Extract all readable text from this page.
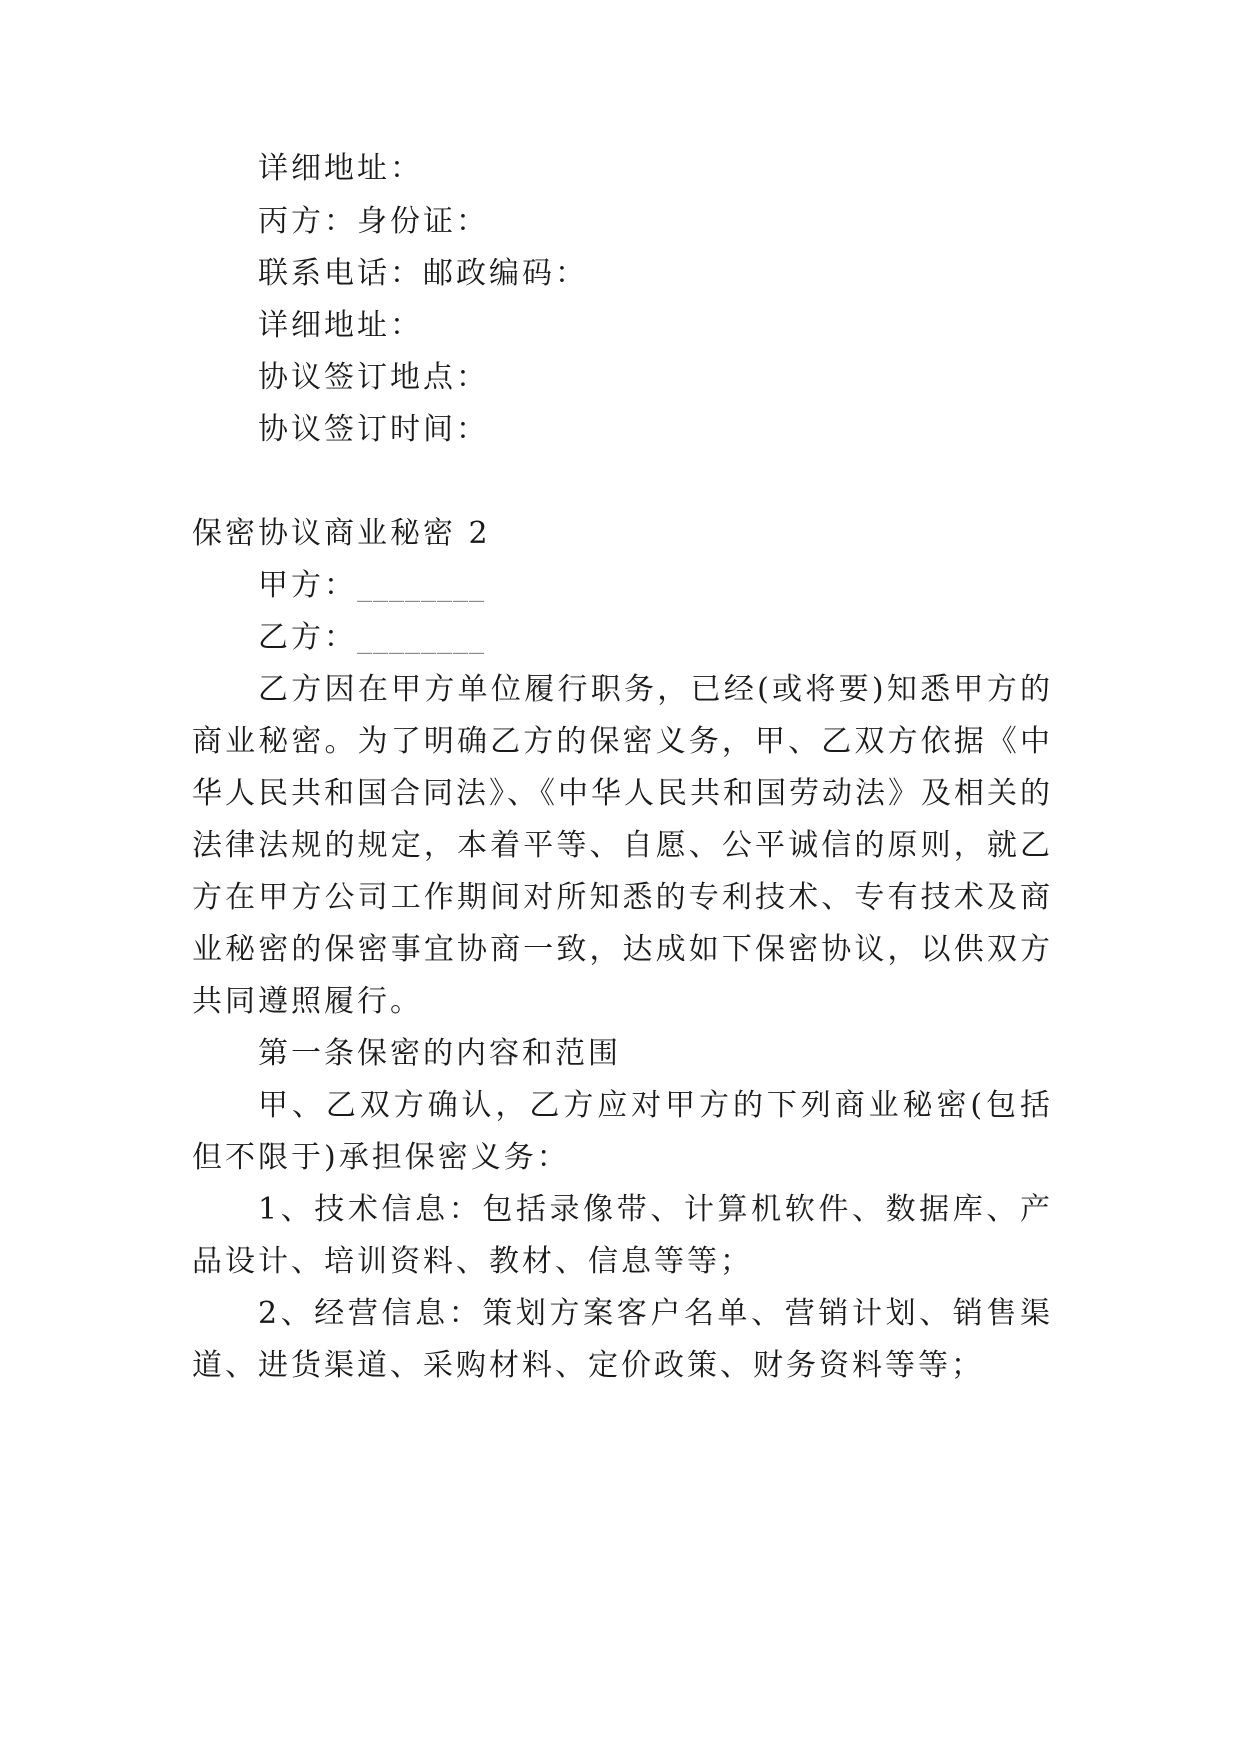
详细地址：
丙方：身份证：
联系电话：邮政编码：
详细地址：
协议签订地点：
协议签订时间：
保密协议商业秘密 2
甲方：________
乙方：________
乙方因在甲方单位履行职务，已经(或将要)知悉甲方的
商业秘密。为了明确乙方的保密义务，甲、乙双方依据《中
华人民共和国合同法》、《中华人民共和国劳动法》及相关的
法律法规的规定，本着平等、自愿、公平诚信的原则，就乙
方在甲方公司工作期间对所知悉的专利技术、专有技术及商
业秘密的保密事宜协商一致，达成如下保密协议，以供双方
共同遵照履行。
第一条保密的内容和范围
甲、乙双方确认，乙方应对甲方的下列商业秘密(包括
但不限于)承担保密义务：
1、技术信息：包括录像带、计算机软件、数据库、产
品设计、培训资料、教材、信息等等；
2、经营信息：策划方案客户名单、营销计划、销售渠
道、进货渠道、采购材料、定价政策、财务资料等等；
